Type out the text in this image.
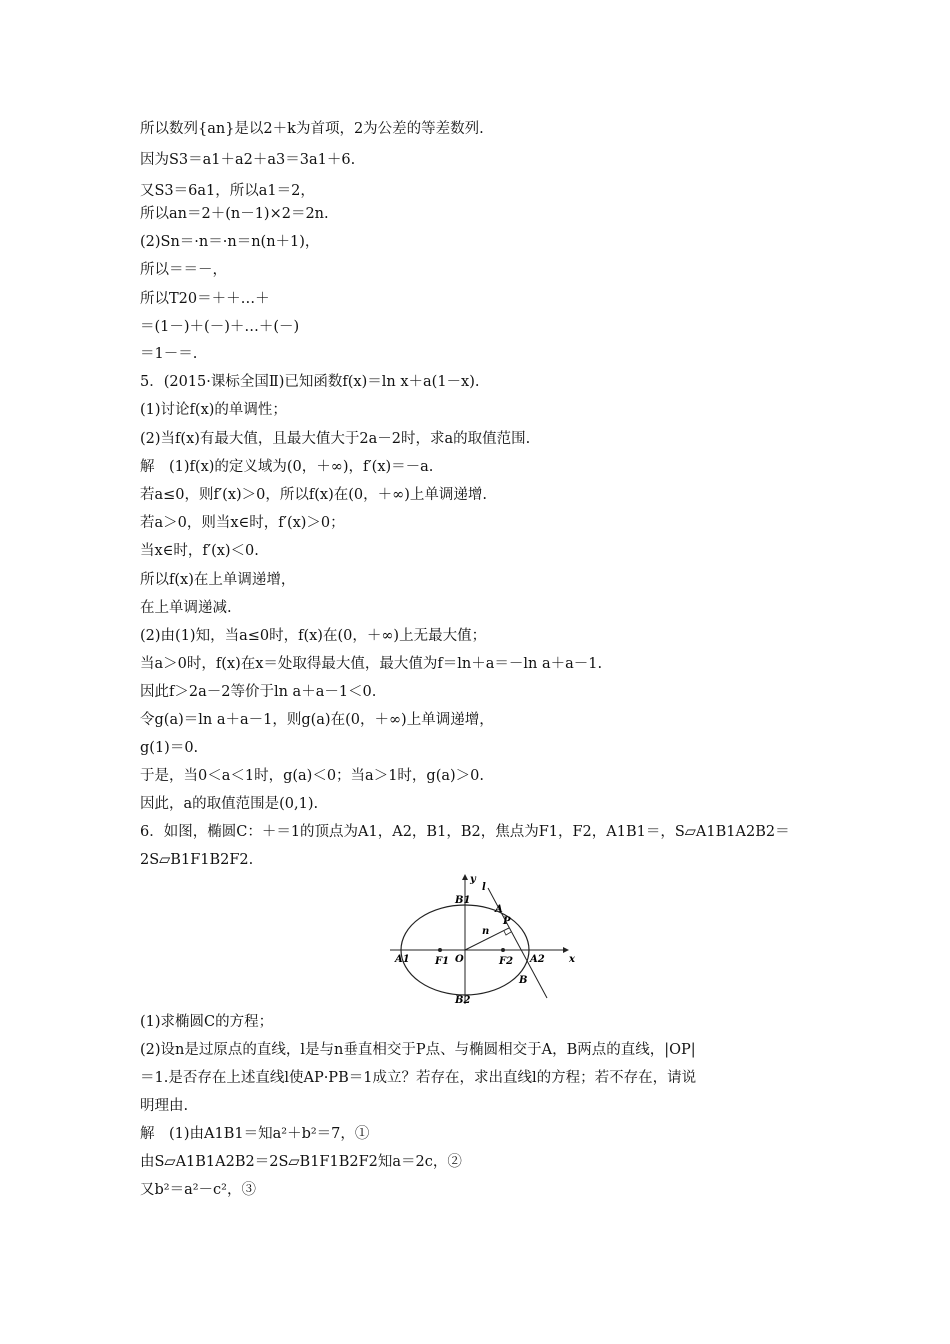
所以数列{an}是以2＋k为首项，2为公差的等差数列.
因为S3＝a1＋a2＋a3＝3a1＋6.
又S3＝6a1，所以a1＝2，
所以an＝2＋(n－1)×2＝2n.
(2)Sn＝·n＝·n＝n(n＋1)，
所以＝＝－，
所以T20＝＋＋…＋
＝(1－)＋(－)＋…＋(－)
＝1－＝.
5．(2015·课标全国Ⅱ)已知函数f(x)＝ln x＋a(1－x).
(1)讨论f(x)的单调性；
(2)当f(x)有最大值，且最大值大于2a－2时，求a的取值范围.
解　(1)f(x)的定义域为(0，＋∞)，f′(x)＝－a.
若a≤0，则f′(x)＞0，所以f(x)在(0，＋∞)上单调递增.
若a＞0，则当x∈时，f′(x)＞0；
当x∈时，f′(x)＜0.
所以f(x)在上单调递增，
在上单调递减.
(2)由(1)知，当a≤0时，f(x)在(0，＋∞)上无最大值；
当a＞0时，f(x)在x＝处取得最大值，最大值为f＝ln＋a＝－ln a＋a－1.
因此f＞2a－2等价于ln a＋a－1＜0.
令g(a)＝ln a＋a－1，则g(a)在(0，＋∞)上单调递增，
g(1)＝0.
于是，当0＜a＜1时，g(a)＜0；当a＞1时，g(a)＞0.
因此，a的取值范围是(0,1).
6．如图，椭圆C：＋＝1的顶点为A1，A2，B1，B2，焦点为F1，F2，A1B1＝，S▱A1B1A2B2＝
2S▱B1F1B2F2.
y
l
B1
A
P
n
A1	F1 O	F2 A2 x
B
B2
(1)求椭圆C的方程；
(2)设n是过原点的直线，l是与n垂直相交于P点、与椭圆相交于A，B两点的直线，|OP|
＝1.是否存在上述直线l使AP·PB＝1成立？若存在，求出直线l的方程；若不存在，请说
明理由.
解　(1)由A1B1＝知a²＋b²＝7，①
由S▱A1B1A2B2＝2S▱B1F1B2F2知a＝2c，②
又b²＝a²－c²，③
